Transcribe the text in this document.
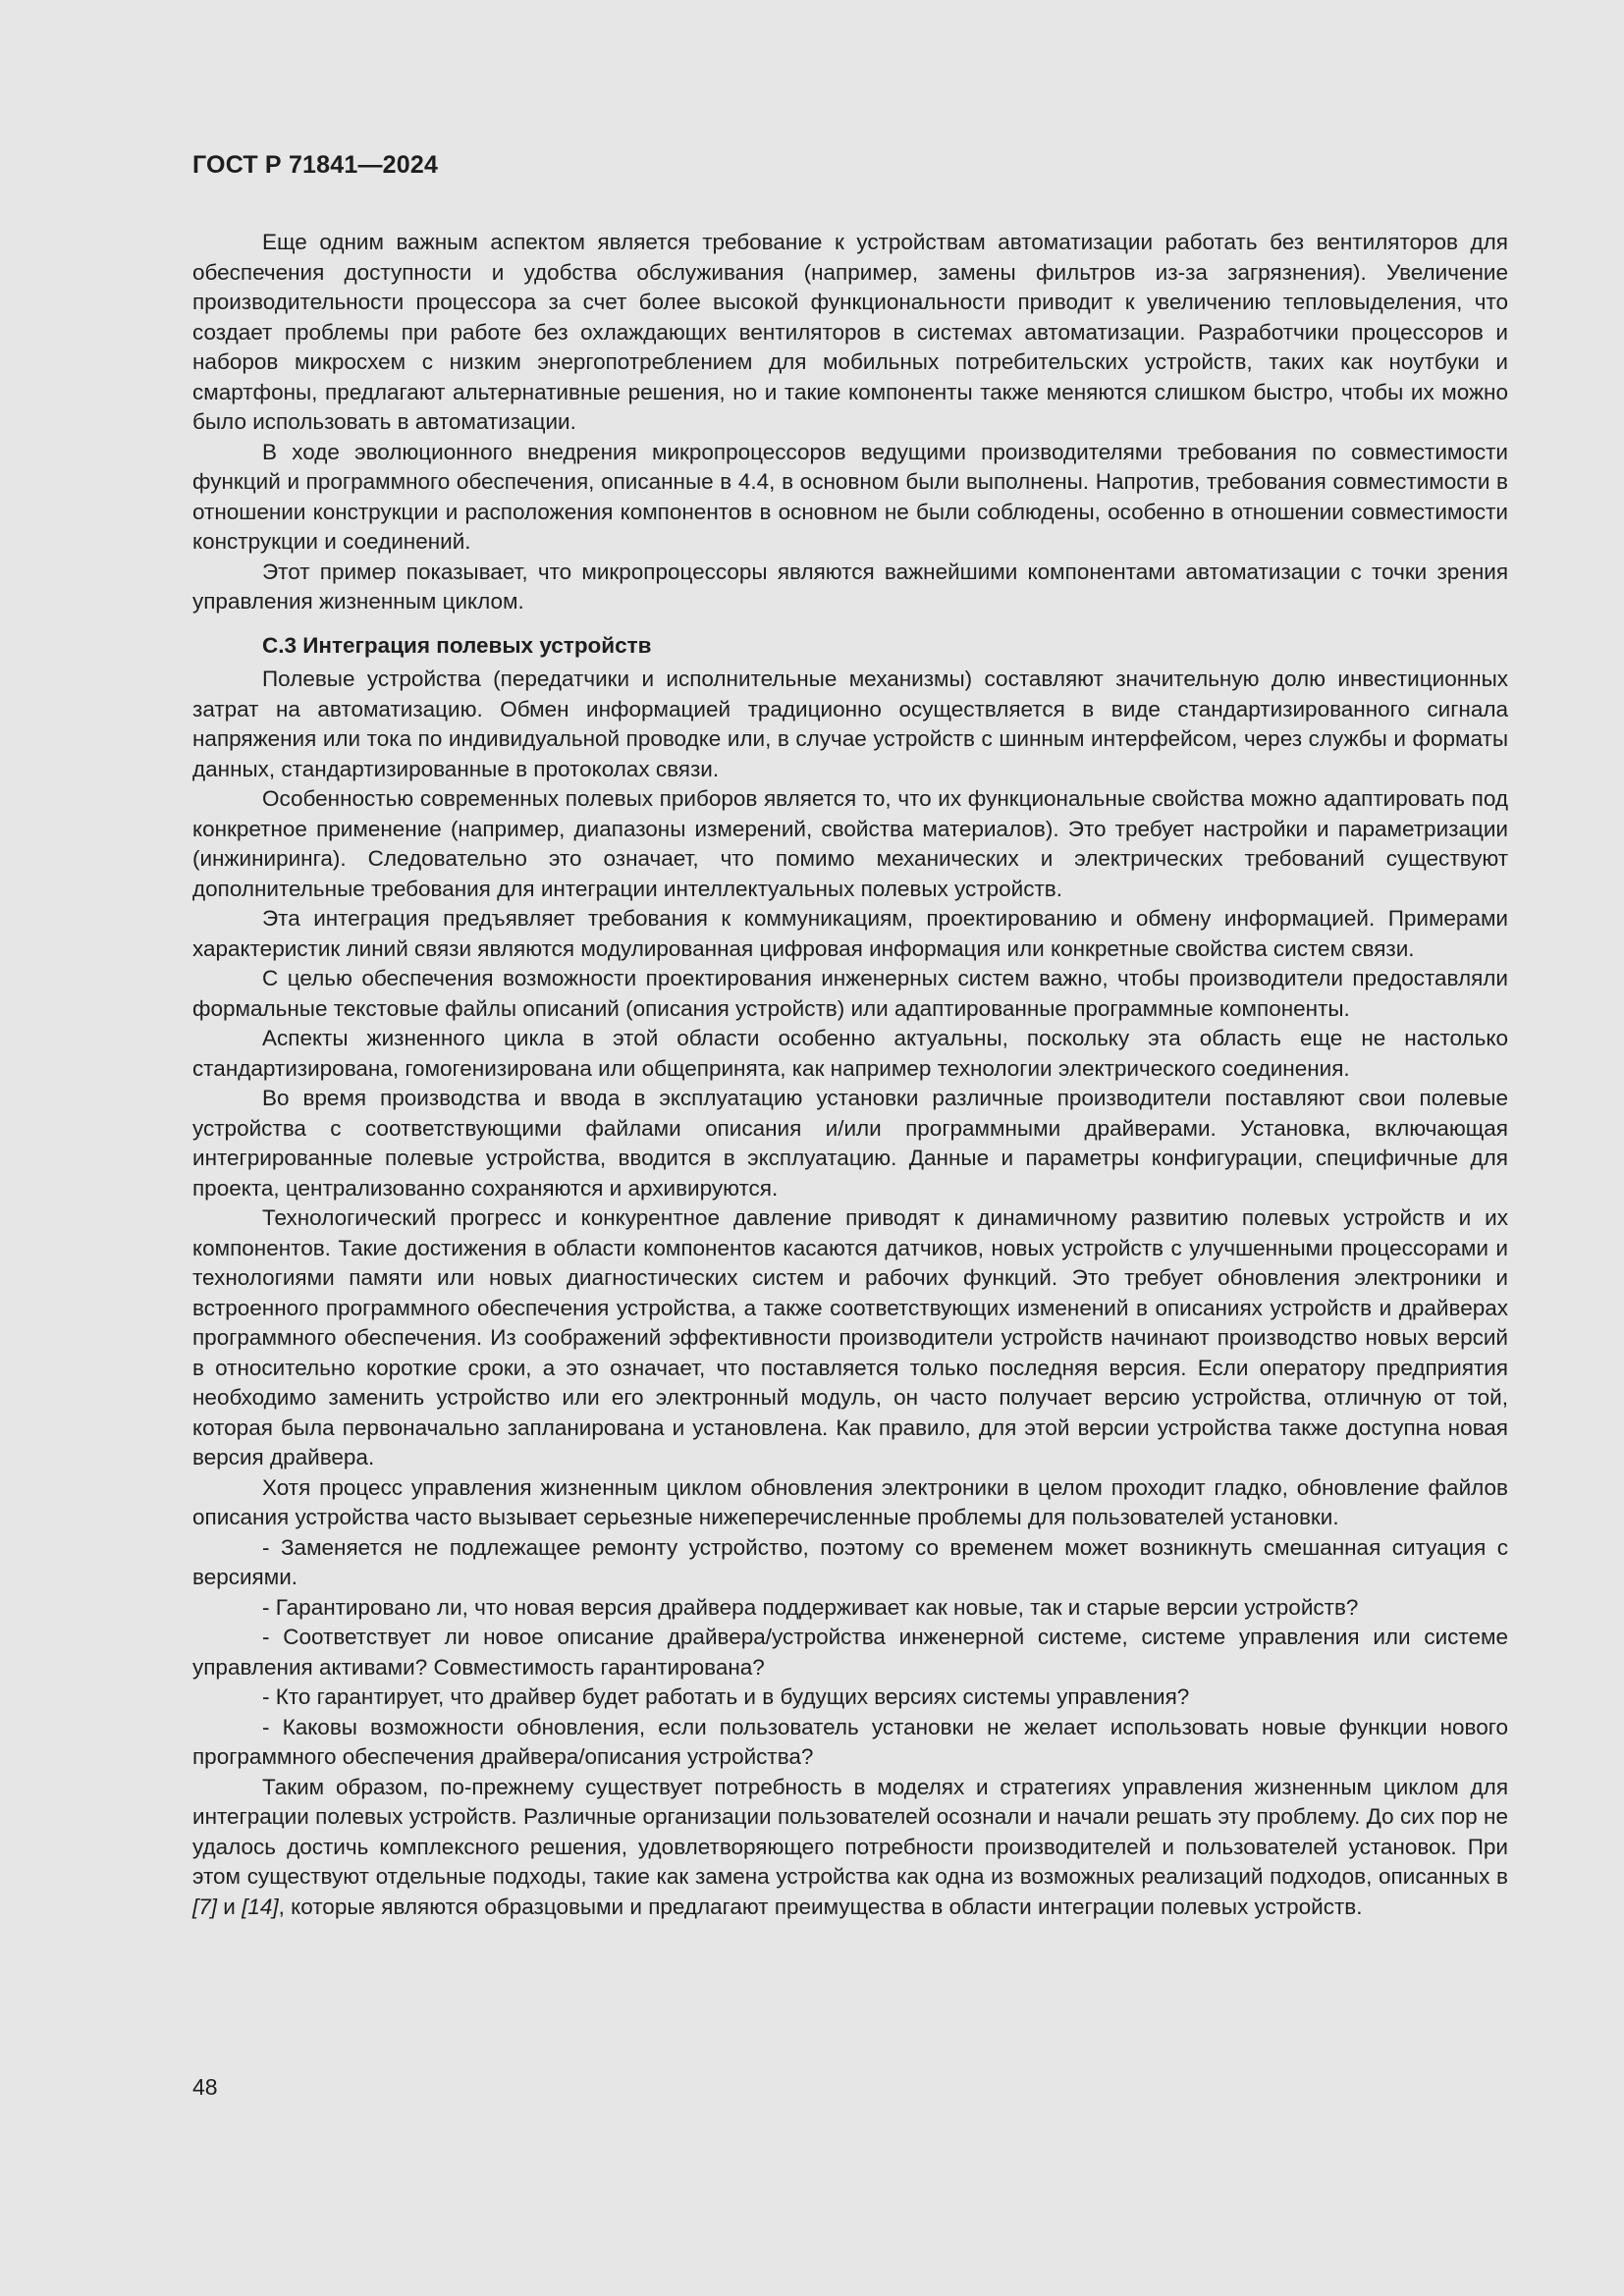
ГОСТ Р 71841—2024

Еще одним важным аспектом является требование к устройствам автоматизации работать без вентиляторов для обеспечения доступности и удобства обслуживания (например, замены фильтров из-за загрязнения). Увеличение производительности процессора за счет более высокой функциональности приводит к увеличению тепловыделения, что создает проблемы при работе без охлаждающих вентиляторов в системах автоматизации. Разработчики процессоров и наборов микросхем с низким энергопотреблением для мобильных потребительских устройств, таких как ноутбуки и смартфоны, предлагают альтернативные решения, но и такие компоненты также меняются слишком быстро, чтобы их можно было использовать в автоматизации.

В ходе эволюционного внедрения микропроцессоров ведущими производителями требования по совместимости функций и программного обеспечения, описанные в 4.4, в основном были выполнены. Напротив, требования совместимости в отношении конструкции и расположения компонентов в основном не были соблюдены, особенно в отношении совместимости конструкции и соединений.

Этот пример показывает, что микропроцессоры являются важнейшими компонентами автоматизации с точки зрения управления жизненным циклом.

С.3 Интеграция полевых устройств

Полевые устройства (передатчики и исполнительные механизмы) составляют значительную долю инвестиционных затрат на автоматизацию. Обмен информацией традиционно осуществляется в виде стандартизированного сигнала напряжения или тока по индивидуальной проводке или, в случае устройств с шинным интерфейсом, через службы и форматы данных, стандартизированные в протоколах связи.

Особенностью современных полевых приборов является то, что их функциональные свойства можно адаптировать под конкретное применение (например, диапазоны измерений, свойства материалов). Это требует настройки и параметризации (инжиниринга). Следовательно это означает, что помимо механических и электрических требований существуют дополнительные требования для интеграции интеллектуальных полевых устройств.

Эта интеграция предъявляет требования к коммуникациям, проектированию и обмену информацией. Примерами характеристик линий связи являются модулированная цифровая информация или конкретные свойства систем связи.

С целью обеспечения возможности проектирования инженерных систем важно, чтобы производители предоставляли формальные текстовые файлы описаний (описания устройств) или адаптированные программные компоненты.

Аспекты жизненного цикла в этой области особенно актуальны, поскольку эта область еще не настолько стандартизирована, гомогенизирована или общепринята, как например технологии электрического соединения.

Во время производства и ввода в эксплуатацию установки различные производители поставляют свои полевые устройства с соответствующими файлами описания и/или программными драйверами. Установка, включающая интегрированные полевые устройства, вводится в эксплуатацию. Данные и параметры конфигурации, специфичные для проекта, централизованно сохраняются и архивируются.

Технологический прогресс и конкурентное давление приводят к динамичному развитию полевых устройств и их компонентов. Такие достижения в области компонентов касаются датчиков, новых устройств с улучшенными процессорами и технологиями памяти или новых диагностических систем и рабочих функций. Это требует обновления электроники и встроенного программного обеспечения устройства, а также соответствующих изменений в описаниях устройств и драйверах программного обеспечения. Из соображений эффективности производители устройств начинают производство новых версий в относительно короткие сроки, а это означает, что поставляется только последняя версия. Если оператору предприятия необходимо заменить устройство или его электронный модуль, он часто получает версию устройства, отличную от той, которая была первоначально запланирована и установлена. Как правило, для этой версии устройства также доступна новая версия драйвера.

Хотя процесс управления жизненным циклом обновления электроники в целом проходит гладко, обновление файлов описания устройства часто вызывает серьезные нижеперечисленные проблемы для пользователей установки.

- Заменяется не подлежащее ремонту устройство, поэтому со временем может возникнуть смешанная ситуация с версиями.
- Гарантировано ли, что новая версия драйвера поддерживает как новые, так и старые версии устройств?
- Соответствует ли новое описание драйвера/устройства инженерной системе, системе управления или системе управления активами? Совместимость гарантирована?
- Кто гарантирует, что драйвер будет работать и в будущих версиях системы управления?
- Каковы возможности обновления, если пользователь установки не желает использовать новые функции нового программного обеспечения драйвера/описания устройства?

Таким образом, по-прежнему существует потребность в моделях и стратегиях управления жизненным циклом для интеграции полевых устройств. Различные организации пользователей осознали и начали решать эту проблему. До сих пор не удалось достичь комплексного решения, удовлетворяющего потребности производителей и пользователей установок. При этом существуют отдельные подходы, такие как замена устройства как одна из возможных реализаций подходов, описанных в [7] и [14], которые являются образцовыми и предлагают преимущества в области интеграции полевых устройств.

48
